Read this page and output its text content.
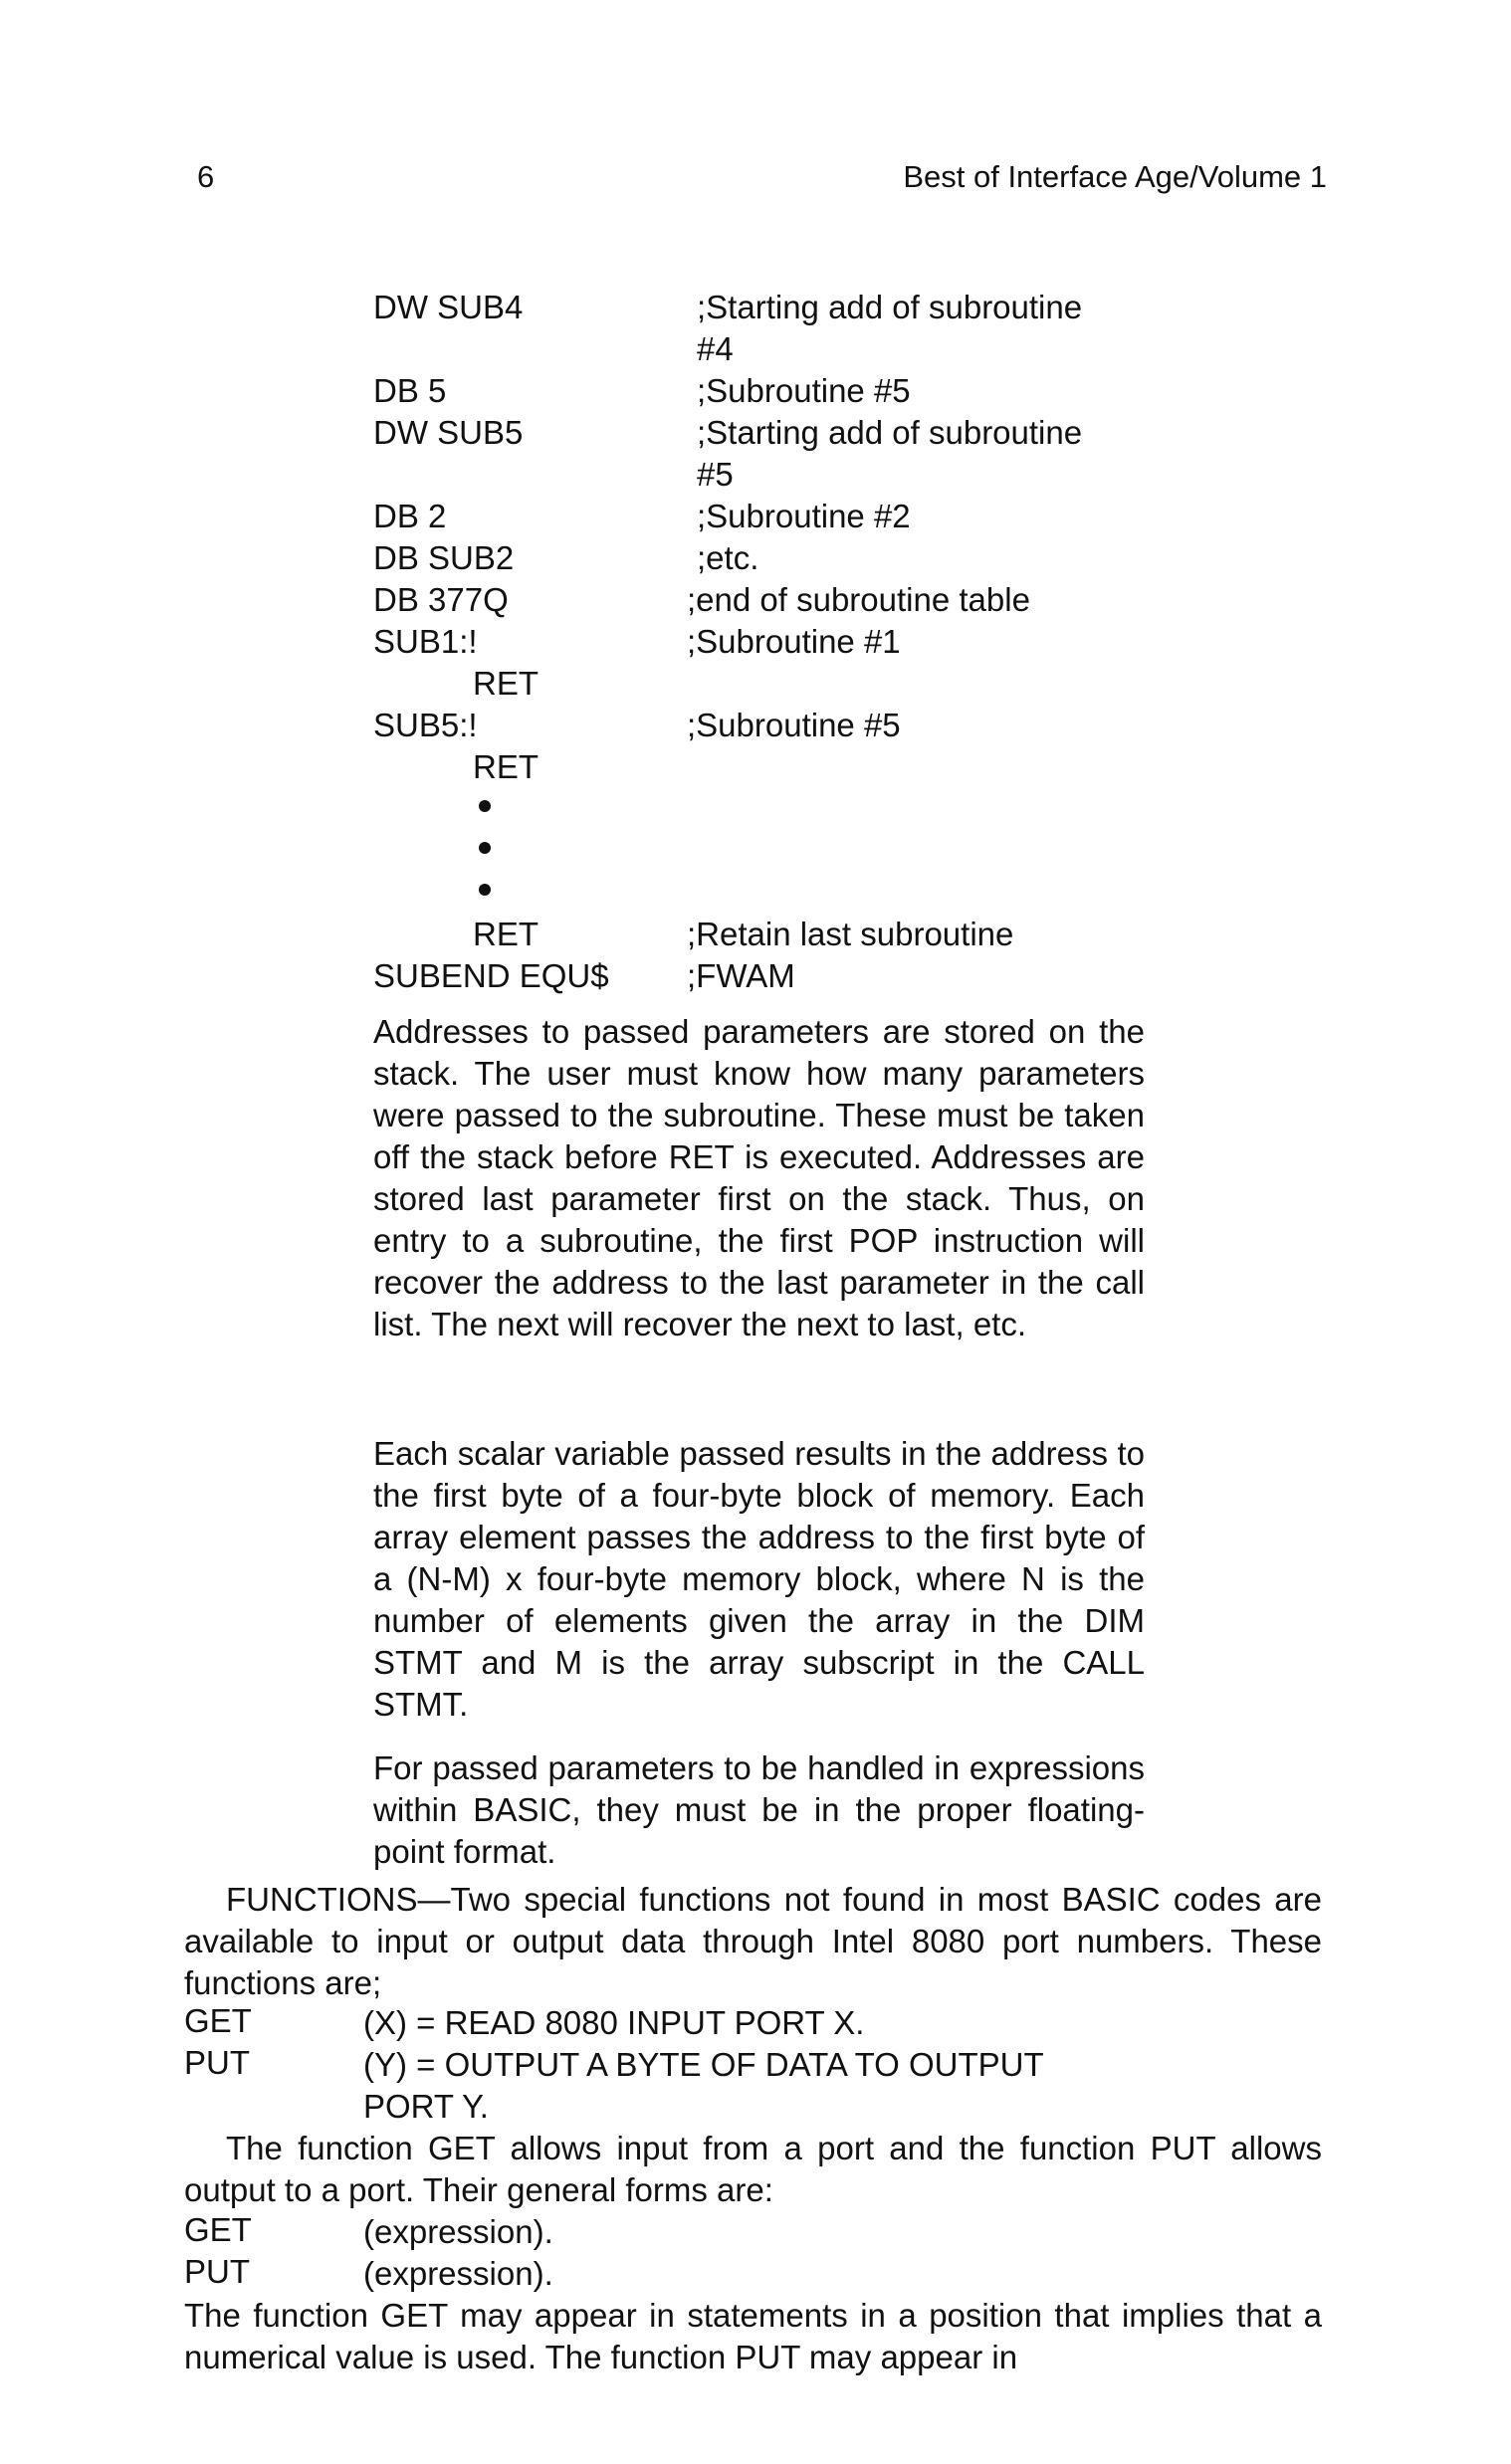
6	Best of Interface Age/Volume 1
DW SUB4	;Starting add of subroutine
#4
DB 5	;Subroutine #5
DW SUB5	;Starting add of subroutine
#5
DB 2	;Subroutine #2
DB SUB2	;etc.
DB 377Q	;end of subroutine table
SUB1:!	;Subroutine #1
RET
SUB5:!	;Subroutine #5
RET
RET	;Retain last subroutine
SUBEND EQU$ ;FWAM
Addresses to passed parameters are stored on the stack. The user must know how many parameters were passed to the subroutine. These must be taken off the stack before RET is executed. Addresses are stored last parameter first on the stack. Thus, on entry to a subroutine, the first POP instruction will recover the address to the last parameter in the call list. The next will recover the next to last, etc.
Each scalar variable passed results in the address to the first byte of a four-byte block of memory. Each array element passes the address to the first byte of a (N-M) x four-byte memory block, where N is the number of elements given the array in the DIM STMT and M is the array subscript in the CALL STMT.
For passed parameters to be handled in expressions within BASIC, they must be in the proper floating-point format.
FUNCTIONS—Two special functions not found in most BASIC codes are available to input or output data through Intel 8080 port numbers. These functions are;
GET	(X) = READ 8080 INPUT PORT X.
PUT	(Y) = OUTPUT A BYTE OF DATA TO OUTPUT
PORT Y.
The function GET allows input from a port and the function PUT allows output to a port. Their general forms are:
GET	(expression).
PUT	(expression).
The function GET may appear in statements in a position that implies that a numerical value is used. The function PUT may appear in
